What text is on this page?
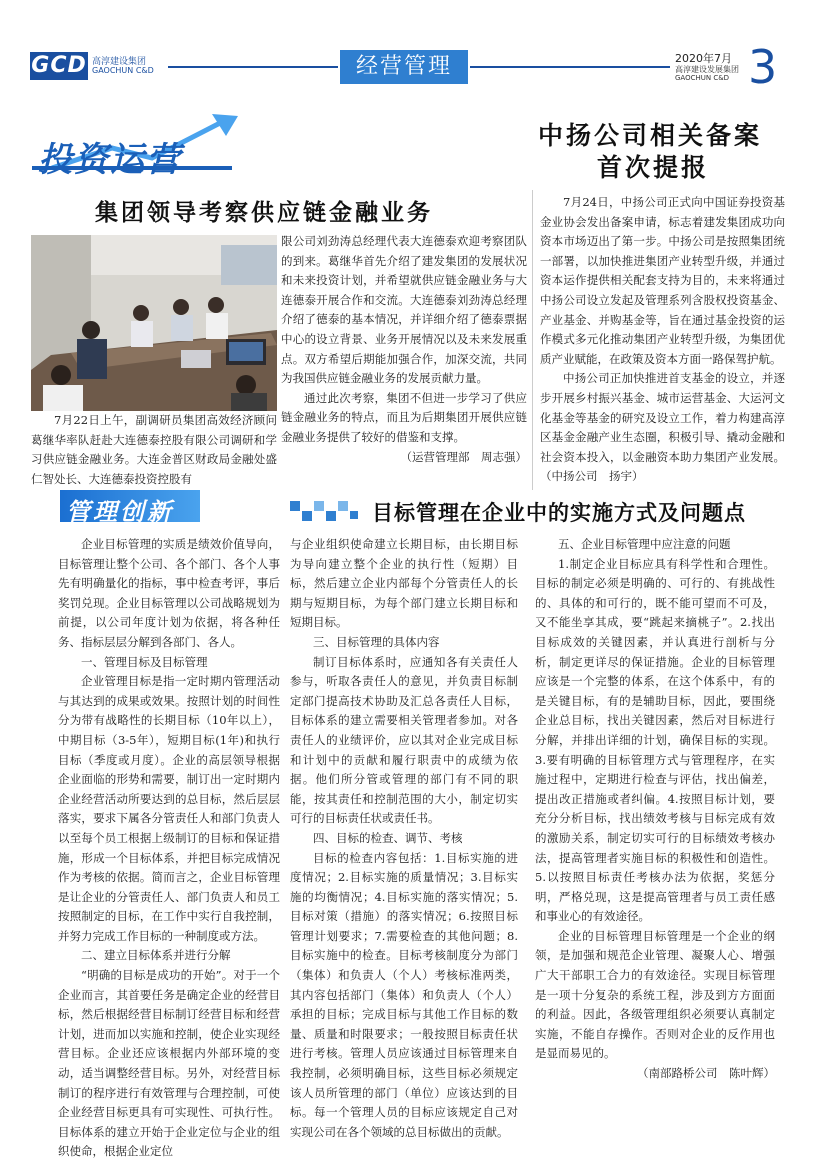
GCD 高淳建设集团
GAOCHUN C&D	经营管理	2020年7月
高淳建设发展集团
GAOCHUN C&D 3
投资运营
中扬公司相关备案
首次提报

7月24日，中扬公司正式向中国证券投资基金业协会发出备案申请，标志着建发集团成功向资本市场迈出了第一步。中扬公司是按照集团统一部署，以加快推进集团产业转型升级，并通过资本运作提供相关配套支持为目的，未来将通过中扬公司设立发起及管理系列含股权投资基金、产业基金、并购基金等，旨在通过基金投资的运作模式多元化推动集团产业转型升级，为集团优质产业赋能，在政策及资本方面一路保驾护航。

中扬公司正加快推进首支基金的设立，并逐步开展乡村振兴基金、城市运营基金、大运河文化基金等基金的研究及设立工作，着力构建高淳区基金金融产业生态圈，积极引导、撬动金融和社会资本投入，以金融资本助力集团产业发展。（中扬公司　扬宇）

集团领导考察供应链金融业务

7月22日上午，副调研员集团高效经济顾问葛继华率队赶赴大连德泰控股有限公司调研和学习供应链金融业务。大连金普区财政局金融处盛仁智处长、大连德泰投资控股有

限公司刘劲涛总经理代表大连德泰欢迎考察团队的到来。葛继华首先介绍了建发集团的发展状况和未来投资计划，并希望就供应链金融业务与大连德泰开展合作和交流。大连德泰刘劲涛总经理介绍了德泰的基本情况，并详细介绍了德泰票据中心的设立背景、业务开展情况以及未来发展重点。双方希望后期能加强合作，加深交流，共同为我国供应链金融业务的发展贡献力量。

通过此次考察，集团不但进一步学习了供应链金融业务的特点，而且为后期集团开展供应链金融业务提供了较好的借鉴和支撑。

（运营管理部　周志强）
管理创新	目标管理在企业中的实施方式及问题点

企业目标管理的实质是绩效价值导向，目标管理让整个公司、各个部门、各个人事先有明确量化的指标，事中检查考评，事后奖罚兑现。企业目标管理以公司战略规划为前提，以公司年度计划为依据，将各种任务、指标层层分解到各部门、各人。

一、管理目标及目标管理

企业管理目标是指一定时期内管理活动与其达到的成果或效果。按照计划的时间性分为带有战略性的长期目标（10年以上），中期目标（3-5年），短期目标(1年)和执行目标（季度或月度）。企业的高层领导根据企业面临的形势和需要，制订出一定时期内企业经营活动所要达到的总目标，然后层层落实，要求下属各分管责任人和部门负责人以至每个员工根据上级制订的目标和保证措施，形成一个目标体系，并把目标完成情况作为考核的依据。简而言之，企业目标管理是让企业的分管责任人、部门负责人和员工按照制定的目标，在工作中实行自我控制，并努力完成工作目标的一种制度或方法。

二、建立目标体系并进行分解

“明确的目标是成功的开始”。对于一个企业而言，其首要任务是确定企业的经营目标，然后根据经营目标制订经营目标和经营计划，进而加以实施和控制，使企业实现经营目标。企业还应该根据内外部环境的变动，适当调整经营目标。另外，对经营目标制订的程序进行有效管理与合理控制，可使企业经营目标更具有可实现性、可执行性。目标体系的建立开始于企业定位与企业的组织使命，根据企业定位

与企业组织使命建立长期目标，由长期目标为导向建立整个企业的执行性（短期）目标，然后建立企业内部每个分管责任人的长期与短期目标，为每个部门建立长期目标和短期目标。

三、目标管理的具体内容

制订目标体系时，应通知各有关责任人参与，听取各责任人的意见，并负责目标制定部门提高技术协助及汇总各责任人目标，目标体系的建立需要相关管理者参加。对各责任人的业绩评价，应以其对企业完成目标和计划中的贡献和履行职责中的成绩为依据。他们所分管或管理的部门有不同的职能，按其责任和控制范围的大小，制定切实可行的目标责任状或责任书。

四、目标的检查、调节、考核

目标的检查内容包括：1.目标实施的进度情况；2.目标实施的质量情况；3.目标实施的均衡情况；4.目标实施的落实情况；5.目标对策（措施）的落实情况；6.按照目标管理计划要求；7.需要检查的其他问题；8.目标实施中的检查。目标考核制度分为部门（集体）和负责人（个人）考核标准两类，其内容包括部门（集体）和负责人（个人）承担的目标；完成目标与其他工作目标的数量、质量和时限要求；一般按照目标责任状进行考核。管理人员应该通过目标管理来自我控制，必须明确目标，这些目标必须规定该人员所管理的部门（单位）应该达到的目标。每一个管理人员的目标应该规定自己对实现公司在各个领域的总目标做出的贡献。

五、企业目标管理中应注意的问题

1.制定企业目标应具有科学性和合理性。目标的制定必须是明确的、可行的、有挑战性的、具体的和可行的，既不能可望而不可及，又不能坐享其成，要“跳起来摘桃子”。2.找出目标成效的关键因素，并认真进行剖析与分析，制定更详尽的保证措施。企业的目标管理应该是一个完整的体系，在这个体系中，有的是关键目标，有的是辅助目标，因此，要围绕企业总目标，找出关键因素，然后对目标进行分解，并排出详细的计划，确保目标的实现。3.要有明确的目标管理方式与管理程序，在实施过程中，定期进行检查与评估，找出偏差，提出改正措施或者纠偏。4.按照目标计划，要充分分析目标，找出绩效考核与目标完成有效的激励关系，制定切实可行的目标绩效考核办法，提高管理者实施目标的积极性和创造性。5.以按照目标责任考核办法为依据，奖惩分明，严格兑现，这是提高管理者与员工责任感和事业心的有效途径。

企业的目标管理目标管理是一个企业的纲领，是加强和规范企业管理、凝聚人心、增强广大干部职工合力的有效途径。实现目标管理是一项十分复杂的系统工程，涉及到方方面面的利益。因此，各级管理组织必须要认真制定实施，不能自存操作。否则对企业的反作用也是显而易见的。

（南部路桥公司　陈叶辉）
